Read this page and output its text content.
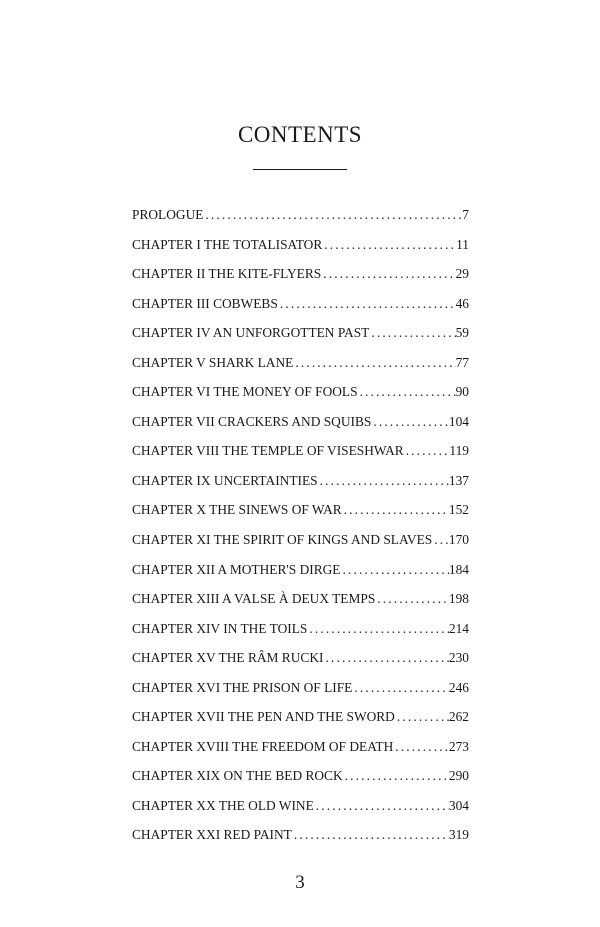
CONTENTS
PROLOGUE . . .	7
CHAPTER I THE TOTALISATOR . . .	11
CHAPTER II THE KITE-FLYERS . . .	29
CHAPTER III COBWEBS . . .	46
CHAPTER IV AN UNFORGOTTEN PAST . . .	59
CHAPTER V SHARK LANE . . .	77
CHAPTER VI THE MONEY OF FOOLS . . .	90
CHAPTER VII CRACKERS AND SQUIBS . . .	104
CHAPTER VIII THE TEMPLE OF VISESHWAR . . .	119
CHAPTER IX UNCERTAINTIES . . .	137
CHAPTER X THE SINEWS OF WAR . . .	152
CHAPTER XI THE SPIRIT OF KINGS AND SLAVES . . . 170
CHAPTER XII A MOTHER'S DIRGE . . .	184
CHAPTER XIII A VALSE À DEUX TEMPS . . .	198
CHAPTER XIV IN THE TOILS . . .	214
CHAPTER XV THE RÂM RUCKI . . .	230
CHAPTER XVI THE PRISON OF LIFE . . .	246
CHAPTER XVII THE PEN AND THE SWORD . . .	262
CHAPTER XVIII THE FREEDOM OF DEATH . . .	273
CHAPTER XIX ON THE BED ROCK . . .	290
CHAPTER XX THE OLD WINE . . .	304
CHAPTER XXI RED PAINT . . .	319
3
